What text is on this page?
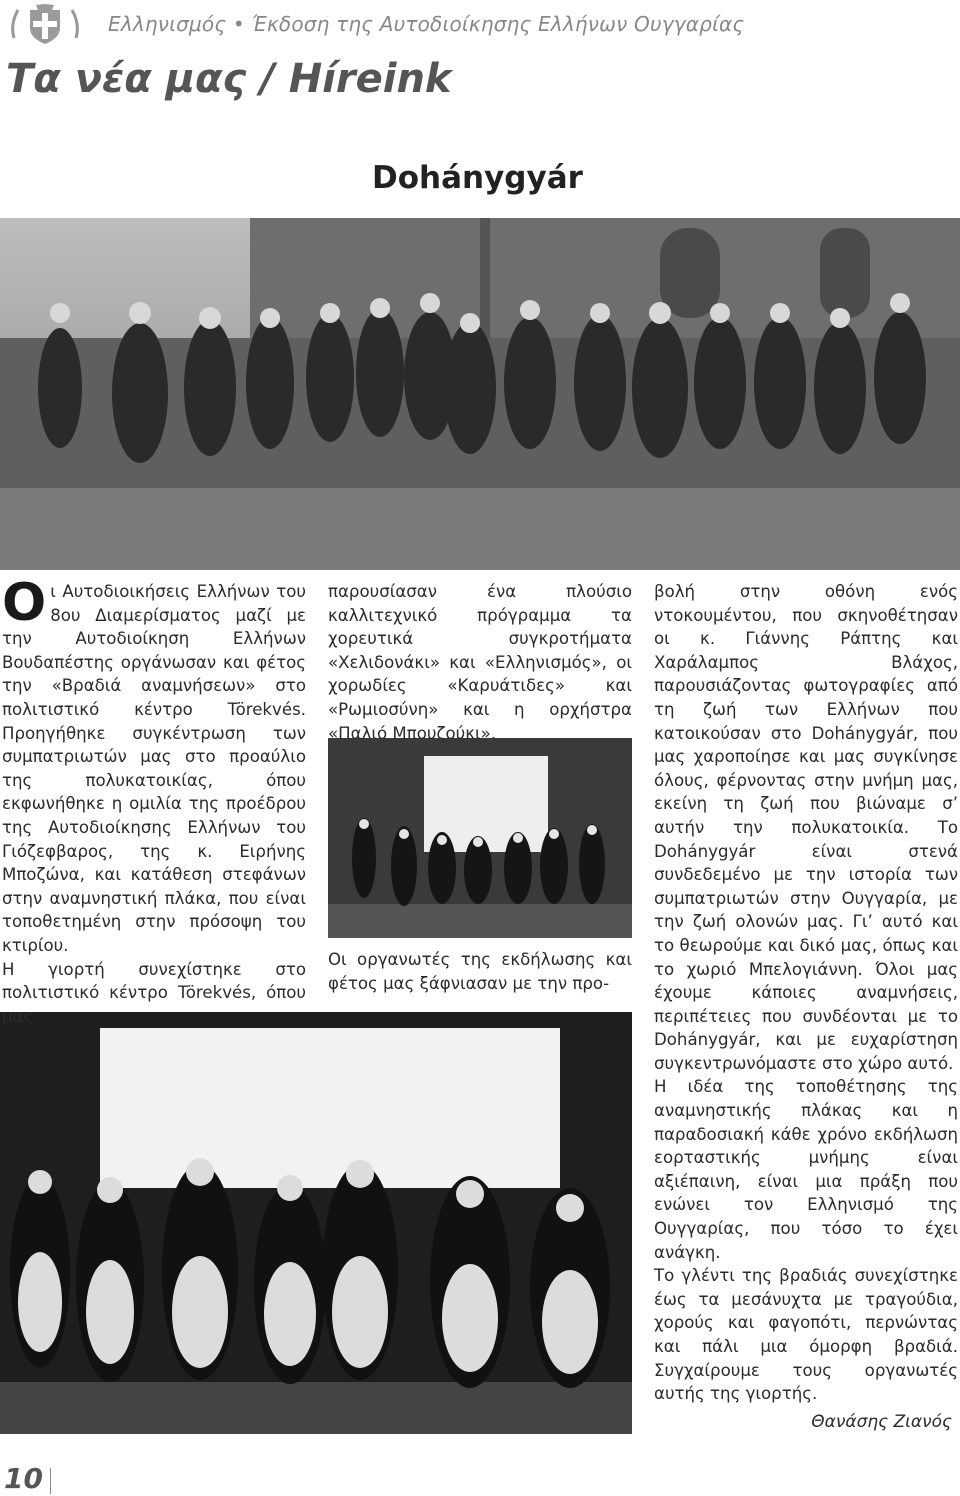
Ελληνισμός • Έκδοση της Αυτοδιοίκησης Ελλήνων Ουγγαρίας
Τα νέα μας / Híreink
Dohánygyár

Οι Αυτοδιοικήσεις Ελλήνων του 8ου Διαμερίσματος μαζί με την Αυτοδιοίκηση Ελλήνων Βουδαπέστης οργάνωσαν και φέτος την «Βραδιά αναμνήσεων» στο πολιτιστικό κέντρο Törekvés. Προηγήθηκε συγκέντρωση των συμπατριωτών μας στο προαύλιο της πολυκατοικίας, όπου εκφωνήθηκε η ομιλία της προέδρου της Αυτοδιοίκησης Ελλήνων του Γιόζεφβαρος, της κ. Ειρήνης Μποζώνα, και κατάθεση στεφάνων στην αναμνηστική πλάκα, που είναι τοποθετημένη στην πρόσοψη του κτιρίου.

Η γιορτή συνεχίστηκε στο πολιτιστικό κέντρο Törekvés, όπου μας

παρουσίασαν ένα πλούσιο καλλιτεχνικό πρόγραμμα τα χορευτικά συγκροτήματα «Χελιδονάκι» και «Ελληνισμός», οι χορωδίες «Καρυάτιδες» και «Ρωμιοσύνη» και η ορχήστρα «Παλιό Μπουζούκι».

Οι οργανωτές της εκδήλωσης και φέτος μας ξάφνιασαν με την προ-

βολή στην οθόνη ενός ντοκουμέντου, που σκηνοθέτησαν οι κ. Γιάννης Ράπτης και Χαράλαμπος Βλάχος, παρουσιάζοντας φωτογραφίες από τη ζωή των Ελλήνων που κατοικούσαν στο Dohánygyár, που μας χαροποίησε και μας συγκίνησε όλους, φέρνοντας στην μνήμη μας, εκείνη τη ζωή που βιώναμε σ’ αυτήν την πολυκατοικία. Το Dohánygyár είναι στενά συνδεδεμένο με την ιστορία των συμπατριωτών στην Ουγγαρία, με την ζωή ολονών μας. Γι’ αυτό και το θεωρούμε και δικό μας, όπως και το χωριό Μπελογιάννη. Όλοι μας έχουμε κάποιες αναμνήσεις, περιπέτειες που συνδέονται με το Dohánygyár, και με ευχαρίστηση συγκεντρωνόμαστε στο χώρο αυτό.

Η ιδέα της τοποθέτησης της αναμνηστικής πλάκας και η παραδοσιακή κάθε χρόνο εκδήλωση εορταστικής μνήμης είναι αξιέπαινη, είναι μια πράξη που ενώνει τον Ελληνισμό της Ουγγαρίας, που τόσο το έχει ανάγκη.

Το γλέντι της βραδιάς συνεχίστηκε έως τα μεσάνυχτα με τραγούδια, χορούς και φαγοπότι, περνώντας και πάλι μια όμορφη βραδιά. Συγχαίρουμε τους οργανωτές αυτής της γιορτής.

Θανάσης Ζιανός
10
